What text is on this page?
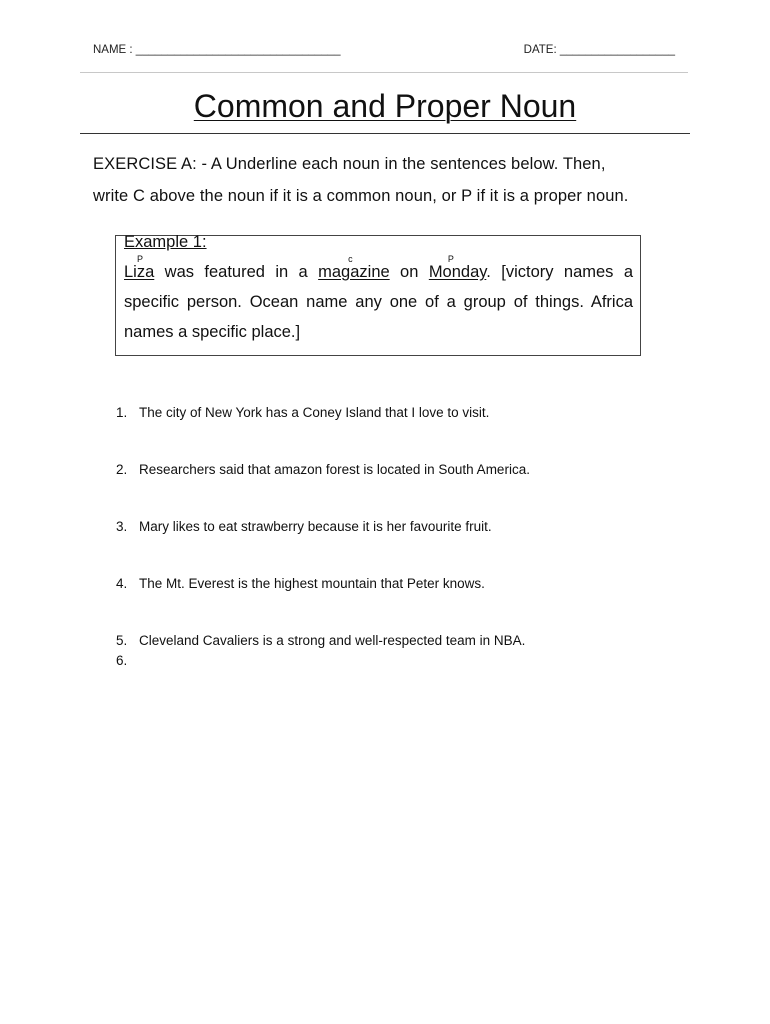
NAME : ________________________________	DATE: __________________
Common and Proper Noun
EXERCISE A: - A Underline each noun in the sentences below. Then,
write C above the noun if it is a common noun, or P if it is a proper noun.
Example 1:
P
Liza was featured in a
c
magazine on
P
Monday. [victory names a specific person. Ocean name any one of a group of things. Africa names a specific place.]
1. The city of New York has a Coney Island that I love to visit.
2. Researchers said that amazon forest is located in South America.
3. Mary likes to eat strawberry because it is her favourite fruit.
4. The Mt. Everest is the highest mountain that Peter knows.
5. Cleveland Cavaliers is a strong and well-respected team in NBA.
6.
